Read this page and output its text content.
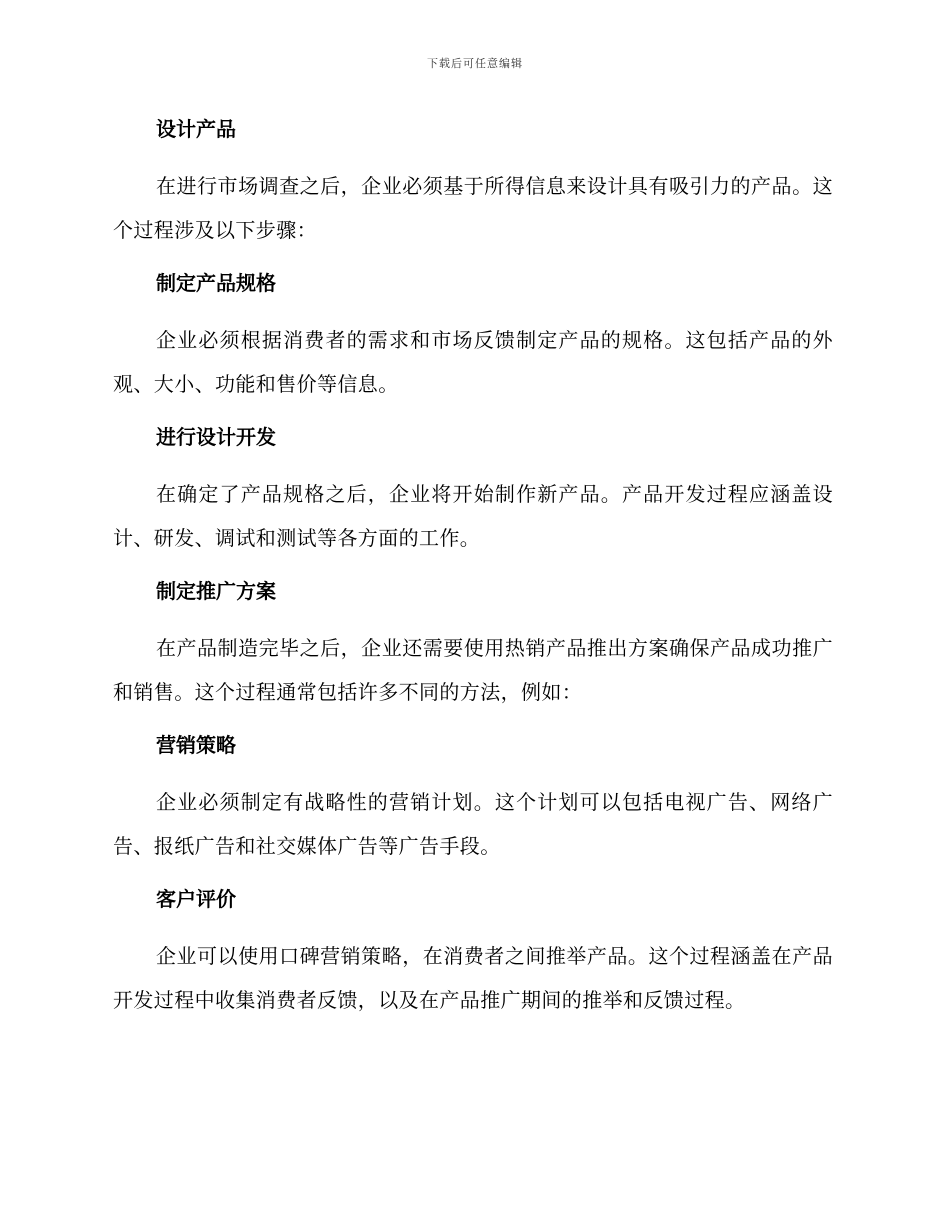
下载后可任意编辑
设计产品
在进行市场调查之后，企业必须基于所得信息来设计具有吸引力的产品。这个过程涉及以下步骤：
制定产品规格
企业必须根据消费者的需求和市场反馈制定产品的规格。这包括产品的外观、大小、功能和售价等信息。
进行设计开发
在确定了产品规格之后，企业将开始制作新产品。产品开发过程应涵盖设计、研发、调试和测试等各方面的工作。
制定推广方案
在产品制造完毕之后，企业还需要使用热销产品推出方案确保产品成功推广和销售。这个过程通常包括许多不同的方法，例如：
营销策略
企业必须制定有战略性的营销计划。这个计划可以包括电视广告、网络广告、报纸广告和社交媒体广告等广告手段。
客户评价
企业可以使用口碑营销策略，在消费者之间推举产品。这个过程涵盖在产品开发过程中收集消费者反馈，以及在产品推广期间的推举和反馈过程。
